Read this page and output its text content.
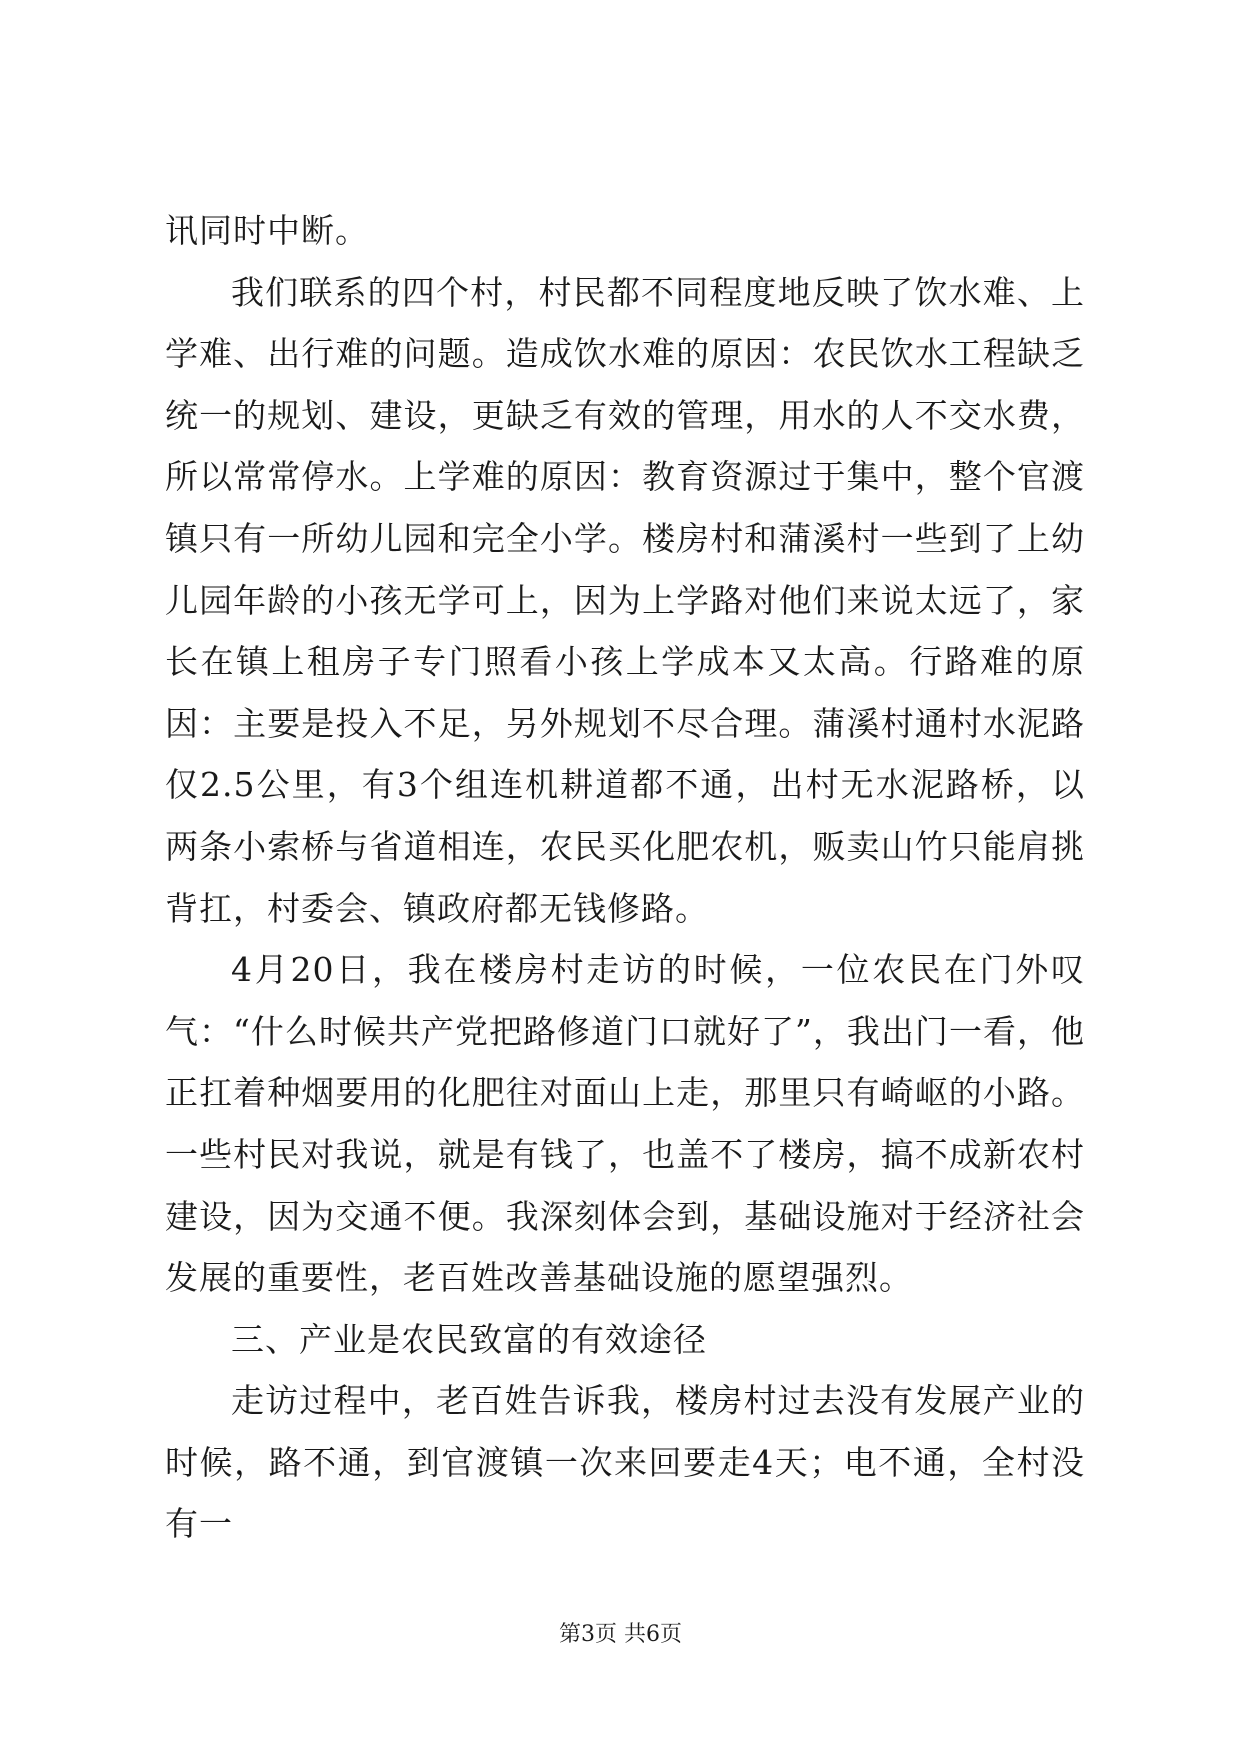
讯同时中断。

我们联系的四个村，村民都不同程度地反映了饮水难、上学难、出行难的问题。造成饮水难的原因：农民饮水工程缺乏统一的规划、建设，更缺乏有效的管理，用水的人不交水费，所以常常停水。上学难的原因：教育资源过于集中，整个官渡镇只有一所幼儿园和完全小学。楼房村和蒲溪村一些到了上幼儿园年龄的小孩无学可上，因为上学路对他们来说太远了，家长在镇上租房子专门照看小孩上学成本又太高。行路难的原因：主要是投入不足，另外规划不尽合理。蒲溪村通村水泥路仅2.5公里，有3个组连机耕道都不通，出村无水泥路桥，以两条小索桥与省道相连，农民买化肥农机，贩卖山竹只能肩挑背扛，村委会、镇政府都无钱修路。

4月20日，我在楼房村走访的时候，一位农民在门外叹气：“什么时候共产党把路修道门口就好了”，我出门一看，他正扛着种烟要用的化肥往对面山上走，那里只有崎岖的小路。一些村民对我说，就是有钱了，也盖不了楼房，搞不成新农村建设，因为交通不便。我深刻体会到，基础设施对于经济社会发展的重要性，老百姓改善基础设施的愿望强烈。

三、产业是农民致富的有效途径

走访过程中，老百姓告诉我，楼房村过去没有发展产业的时候，路不通，到官渡镇一次来回要走4天；电不通，全村没有一

第3页 共6页
